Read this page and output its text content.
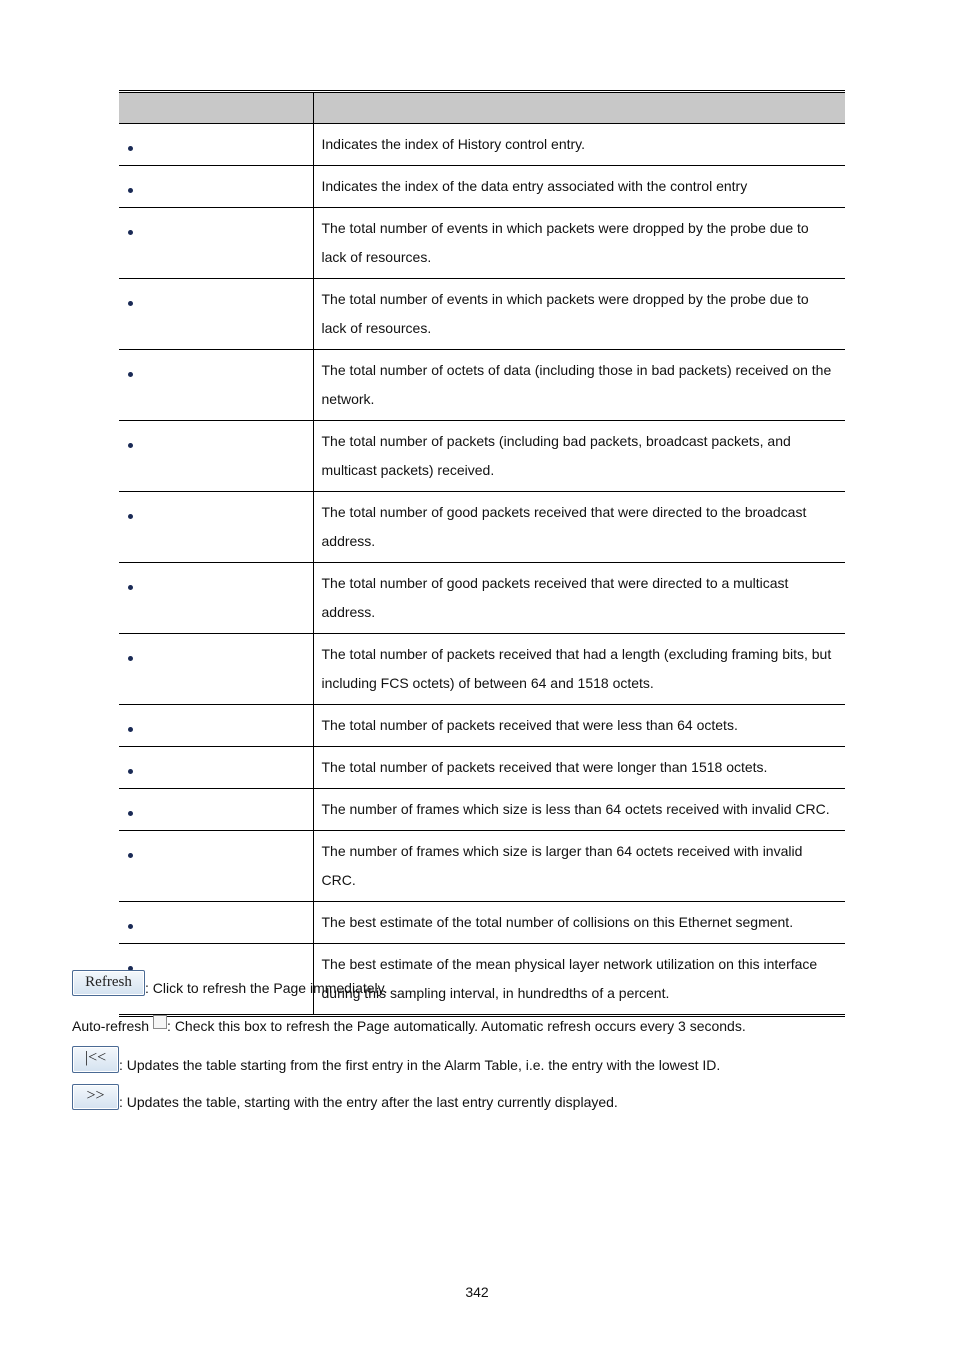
	Indicates the index of History control entry.
	Indicates the index of the data entry associated with the control entry
	The total number of events in which packets were dropped by the probe due to lack of resources.
	The total number of events in which packets were dropped by the probe due to lack of resources.
	The total number of octets of data (including those in bad packets) received on the network.
	The total number of packets (including bad packets, broadcast packets, and multicast packets) received.
	The total number of good packets received that were directed to the broadcast address.
	The total number of good packets received that were directed to a multicast address.
	The total number of packets received that had a length (excluding framing bits, but including FCS octets) of between 64 and 1518 octets.
	The total number of packets received that were less than 64 octets.
	The total number of packets received that were longer than 1518 octets.
	The number of frames which size is less than 64 octets received with invalid CRC.
	The number of frames which size is larger than 64 octets received with invalid CRC.
	The best estimate of the total number of collisions on this Ethernet segment.
	The best estimate of the mean physical layer network utilization on this interface during this sampling interval, in hundredths of a percent.
Refresh : Click to refresh the Page immediately.
Auto-refresh : Check this box to refresh the Page automatically. Automatic refresh occurs every 3 seconds.
|<< : Updates the table starting from the first entry in the Alarm Table, i.e. the entry with the lowest ID.
>> : Updates the table, starting with the entry after the last entry currently displayed.
342
